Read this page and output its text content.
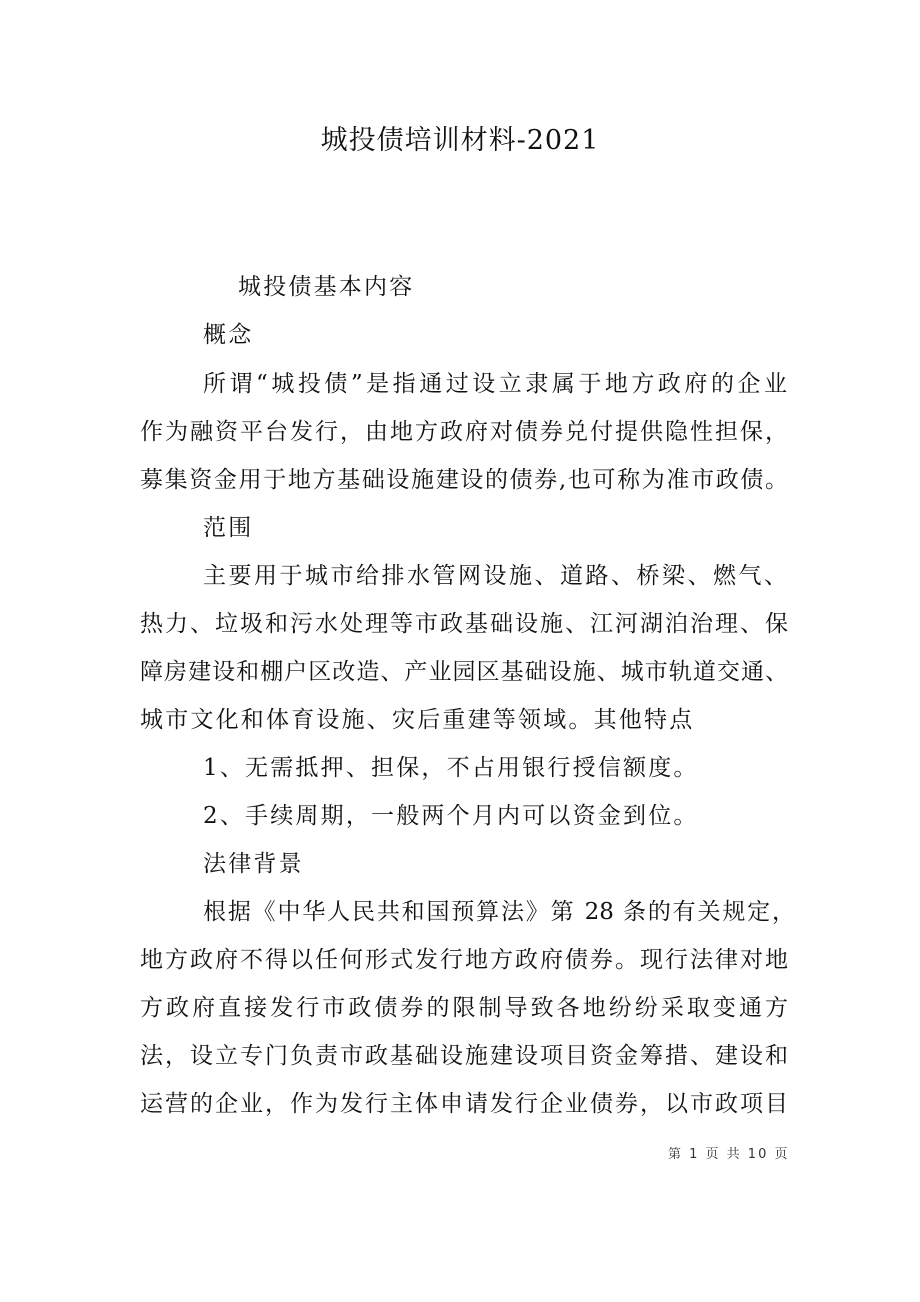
城投债培训材料-2021
城投债基本内容
概念
所谓“城投债”是指通过设立隶属于地方政府的企业
作为融资平台发行，由地方政府对债券兑付提供隐性担保，
募集资金用于地方基础设施建设的债券,也可称为准市政债。
范围
主要用于城市给排水管网设施、道路、桥梁、燃气、
热力、垃圾和污水处理等市政基础设施、江河湖泊治理、保
障房建设和棚户区改造、产业园区基础设施、城市轨道交通、
城市文化和体育设施、灾后重建等领域。其他特点
1、无需抵押、担保，不占用银行授信额度。
2、手续周期，一般两个月内可以资金到位。
法律背景
根据《中华人民共和国预算法》第 28 条的有关规定，
地方政府不得以任何形式发行地方政府债券。现行法律对地
方政府直接发行市政债券的限制导致各地纷纷采取变通方
法，设立专门负责市政基础设施建设项目资金筹措、建设和
运营的企业，作为发行主体申请发行企业债券，以市政项目
第 1 页 共 10 页
